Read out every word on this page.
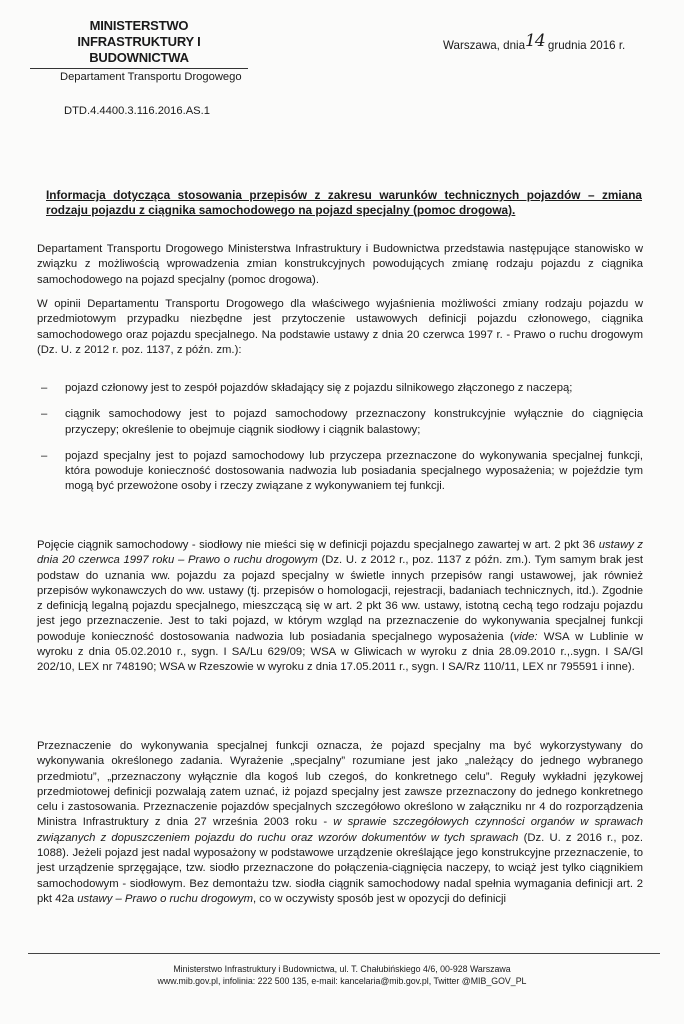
MINISTERSTWO
INFRASTRUKTURY I BUDOWNICTWA
Departament Transportu Drogowego
DTD.4.4400.3.116.2016.AS.1
Warszawa, dnia14 grudnia 2016 r.
Informacja dotycząca stosowania przepisów z zakresu warunków technicznych pojazdów – zmiana rodzaju pojazdu z ciągnika samochodowego na pojazd specjalny (pomoc drogowa).
Departament Transportu Drogowego Ministerstwa Infrastruktury i Budownictwa przedstawia następujące stanowisko w związku z możliwością wprowadzenia zmian konstrukcyjnych powodujących zmianę rodzaju pojazdu z ciągnika samochodowego na pojazd specjalny (pomoc drogowa).
W opinii Departamentu Transportu Drogowego dla właściwego wyjaśnienia możliwości zmiany rodzaju pojazdu w przedmiotowym przypadku niezbędne jest przytoczenie ustawowych definicji pojazdu członowego, ciągnika samochodowego oraz pojazdu specjalnego. Na podstawie ustawy z dnia 20 czerwca 1997 r. - Prawo o ruchu drogowym (Dz. U. z 2012 r. poz. 1137, z późn. zm.):
– pojazd członowy jest to zespół pojazdów składający się z pojazdu silnikowego złączonego z naczepą;
– ciągnik samochodowy jest to pojazd samochodowy przeznaczony konstrukcyjnie wyłącznie do ciągnięcia przyczepy; określenie to obejmuje ciągnik siodłowy i ciągnik balastowy;
– pojazd specjalny jest to pojazd samochodowy lub przyczepa przeznaczone do wykonywania specjalnej funkcji, która powoduje konieczność dostosowania nadwozia lub posiadania specjalnego wyposażenia; w pojeździe tym mogą być przewożone osoby i rzeczy związane z wykonywaniem tej funkcji.
Pojęcie ciągnik samochodowy - siodłowy nie mieści się w definicji pojazdu specjalnego zawartej w art. 2 pkt 36 ustawy z dnia 20 czerwca 1997 roku – Prawo o ruchu drogowym (Dz. U. z 2012 r., poz. 1137 z późn. zm.). Tym samym brak jest podstaw do uznania ww. pojazdu za pojazd specjalny w świetle innych przepisów rangi ustawowej, jak również przepisów wykonawczych do ww. ustawy (tj. przepisów o homologacji, rejestracji, badaniach technicznych, itd.). Zgodnie z definicją legalną pojazdu specjalnego, mieszczącą się w art. 2 pkt 36 ww. ustawy, istotną cechą tego rodzaju pojazdu jest jego przeznaczenie. Jest to taki pojazd, w którym wzgląd na przeznaczenie do wykonywania specjalnej funkcji powoduje konieczność dostosowania nadwozia lub posiadania specjalnego wyposażenia (vide: WSA w Lublinie w wyroku z dnia 05.02.2010 r., sygn. I SA/Lu 629/09; WSA w Gliwicach w wyroku z dnia 28.09.2010 r.,.sygn. I SA/Gl 202/10, LEX nr 748190; WSA w Rzeszowie w wyroku z dnia 17.05.2011 r., sygn. I SA/Rz 110/11, LEX nr 795591 i inne).
Przeznaczenie do wykonywania specjalnej funkcji oznacza, że pojazd specjalny ma być wykorzystywany do wykonywania określonego zadania. Wyrażenie „specjalny” rozumiane jest jako „należący do jednego wybranego przedmiotu”, „przeznaczony wyłącznie dla kogoś lub czegoś, do konkretnego celu”. Reguły wykładni językowej przedmiotowej definicji pozwalają zatem uznać, iż pojazd specjalny jest zawsze przeznaczony do jednego konkretnego celu i zastosowania. Przeznaczenie pojazdów specjalnych szczegółowo określono w załączniku nr 4 do rozporządzenia Ministra Infrastruktury z dnia 27 września 2003 roku - w sprawie szczegółowych czynności organów w sprawach związanych z dopuszczeniem pojazdu do ruchu oraz wzorów dokumentów w tych sprawach (Dz. U. z 2016 r., poz. 1088). Jeżeli pojazd jest nadal wyposażony w podstawowe urządzenie określające jego konstrukcyjne przeznaczenie, to jest urządzenie sprzęgające, tzw. siodło przeznaczone do połączenia-ciągnięcia naczepy, to wciąż jest tylko ciągnikiem samochodowym - siodłowym. Bez demontażu tzw. siodła ciągnik samochodowy nadal spełnia wymagania definicji art. 2 pkt 42a ustawy – Prawo o ruchu drogowym, co w oczywisty sposób jest w opozycji do definicji
Ministerstwo Infrastruktury i Budownictwa, ul. T. Chałubińskiego 4/6, 00-928 Warszawa
www.mib.gov.pl, infolinia: 222 500 135, e-mail: kancelaria@mib.gov.pl, Twitter @MIB_GOV_PL
